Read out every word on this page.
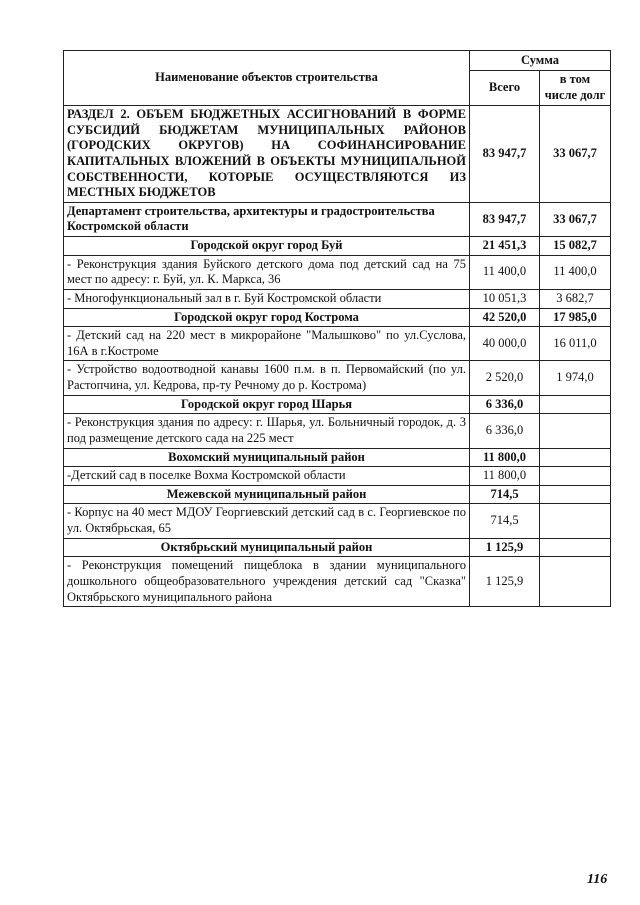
Наименование объектов строительства	Сумма	
	Всего	в том числе долг
РАЗДЕЛ 2. ОБЪЕМ БЮДЖЕТНЫХ АССИГНОВАНИЙ В ФОРМЕ СУБСИДИЙ БЮДЖЕТАМ МУНИЦИПАЛЬНЫХ РАЙОНОВ (ГОРОДСКИХ ОКРУГОВ) НА СОФИНАНСИРОВАНИЕ КАПИТАЛЬНЫХ ВЛОЖЕНИЙ В ОБЪЕКТЫ МУНИЦИПАЛЬНОЙ СОБСТВЕННОСТИ, КОТОРЫЕ ОСУЩЕСТВЛЯЮТСЯ ИЗ МЕСТНЫХ БЮДЖЕТОВ	83 947,7	33 067,7
Департамент строительства, архитектуры и градостроительства Костромской области	83 947,7	33 067,7
Городской округ город Буй	21 451,3	15 082,7
- Реконструкция здания Буйского детского дома под детский сад на 75 мест по адресу: г. Буй, ул. К. Маркса, 36	11 400,0	11 400,0
- Многофункциональный зал в г. Буй Костромской области	10 051,3	3 682,7
Городской округ город Кострома	42 520,0	17 985,0
- Детский сад на 220 мест в микрорайоне "Малышково" по ул.Суслова, 16А в г.Костроме	40 000,0	16 011,0
- Устройство водоотводной канавы 1600 п.м. в п. Первомайский (по ул. Растопчина, ул. Кедрова, пр-ту Речному до р. Кострома)	2 520,0	1 974,0
Городской округ город Шарья	6 336,0	
- Реконструкция здания по адресу: г. Шарья, ул. Больничный городок, д. 3 под размещение детского сада на 225 мест	6 336,0	
Вохомский муниципальный район	11 800,0	
-Детский сад в поселке Вохма Костромской области	11 800,0	
Межевской муниципальный район	714,5	
- Корпус на 40 мест МДОУ Георгиевский детский сад в с. Георгиевское по ул. Октябрьская, 65	714,5	
Октябрьский муниципальный район	1 125,9	
- Реконструкция помещений пищеблока в здании муниципального дошкольного общеобразовательного учреждения детский сад "Сказка" Октябрьского муниципального района	1 125,9	
116
